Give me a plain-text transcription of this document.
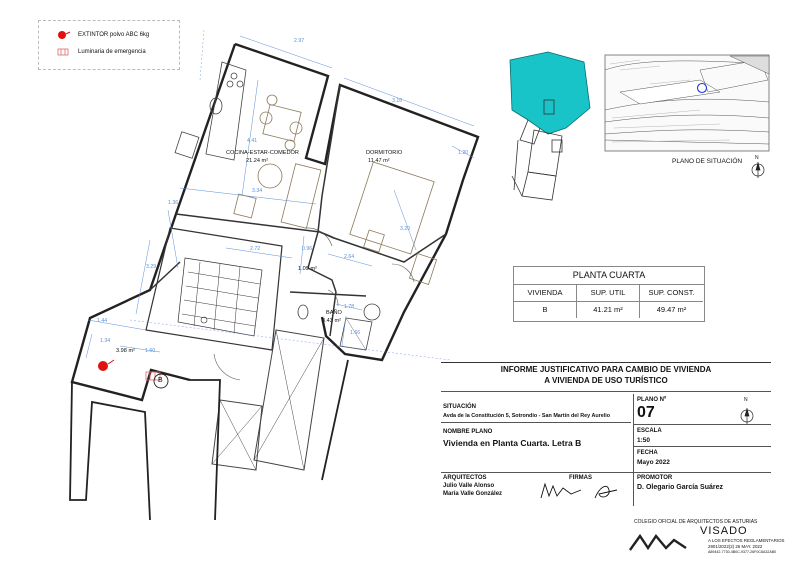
EXTINTOR polvo ABC 6kg
Luminaria de emergencia
COCINA-ESTAR-COMEDOR
21.24 m²
DORMITORIO
11.47 m²
1.09 m²
BAÑO
3.43 m²
3.98 m²
B
2.97
3.16
1.20
4.41
3.34
1.36
2.72	0.96
2.64
3.29
3.20
1.78
1.66
1.44
1.34
1.60
PLANO DE SITUACIÓN	N
PLANTA CUARTA
VIVIENDA	SUP. UTIL	SUP. CONST.
B	41.21 m²	49.47 m²
INFORME JUSTIFICATIVO PARA CAMBIO DE VIVIENDA
A VIVIENDA DE USO TURÍSTICO
SITUACIÓN
Avda de la Constitución 5, Sotrondio - San Martín del Rey Aurelio
NOMBRE PLANO
Vivienda en Planta Cuarta. Letra B
PLANO Nº
07
ESCALA
1:50
FECHA
Mayo 2022
N
ARQUITECTOS
Julio Valle Alonso
María Valle González
FIRMAS	PROMOTOR
D. Olegario García Suárez
COLEGIO OFICIAL DE ARQUITECTOS DE ASTURIAS
VISADO
A LOS EFECTOS REGLAMENTARIOS
2901/2022(2) 26 MAY. 2022
A89442-7730-4B0C-9377-26F0C8A32AB0
